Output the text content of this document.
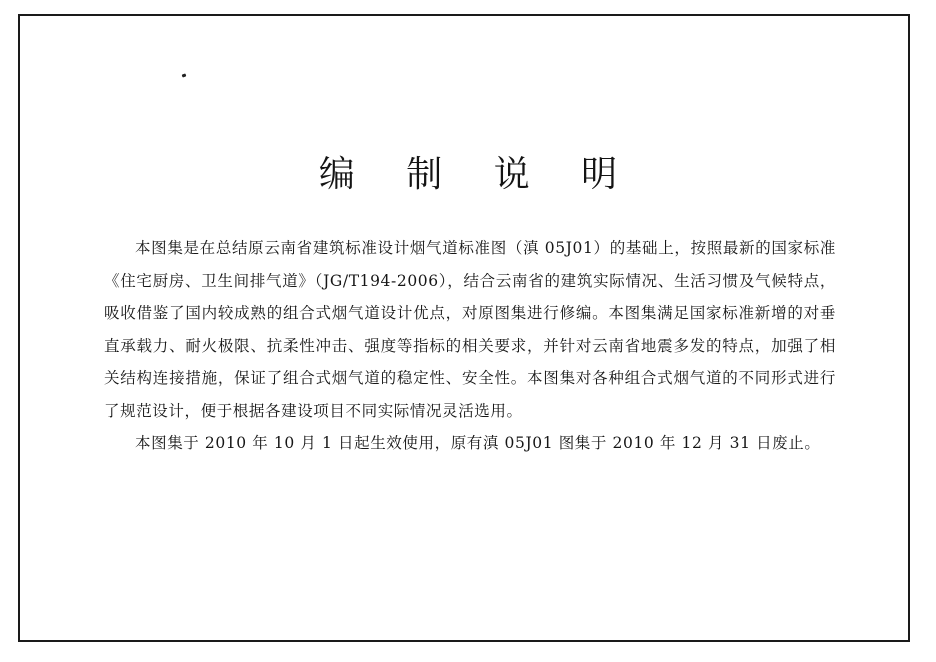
编 制 说 明

本图集是在总结原云南省建筑标准设计烟气道标准图（滇 05J01）的基础上，按照最新的国家标准《住宅厨房、卫生间排气道》（JG/T194-2006），结合云南省的建筑实际情况、生活习惯及气候特点，吸收借鉴了国内较成熟的组合式烟气道设计优点，对原图集进行修编。本图集满足国家标准新增的对垂直承载力、耐火极限、抗柔性冲击、强度等指标的相关要求，并针对云南省地震多发的特点，加强了相关结构连接措施，保证了组合式烟气道的稳定性、安全性。本图集对各种组合式烟气道的不同形式进行了规范设计，便于根据各建设项目不同实际情况灵活选用。

本图集于 2010 年 10 月 1 日起生效使用，原有滇 05J01 图集于 2010 年 12 月 31 日废止。
